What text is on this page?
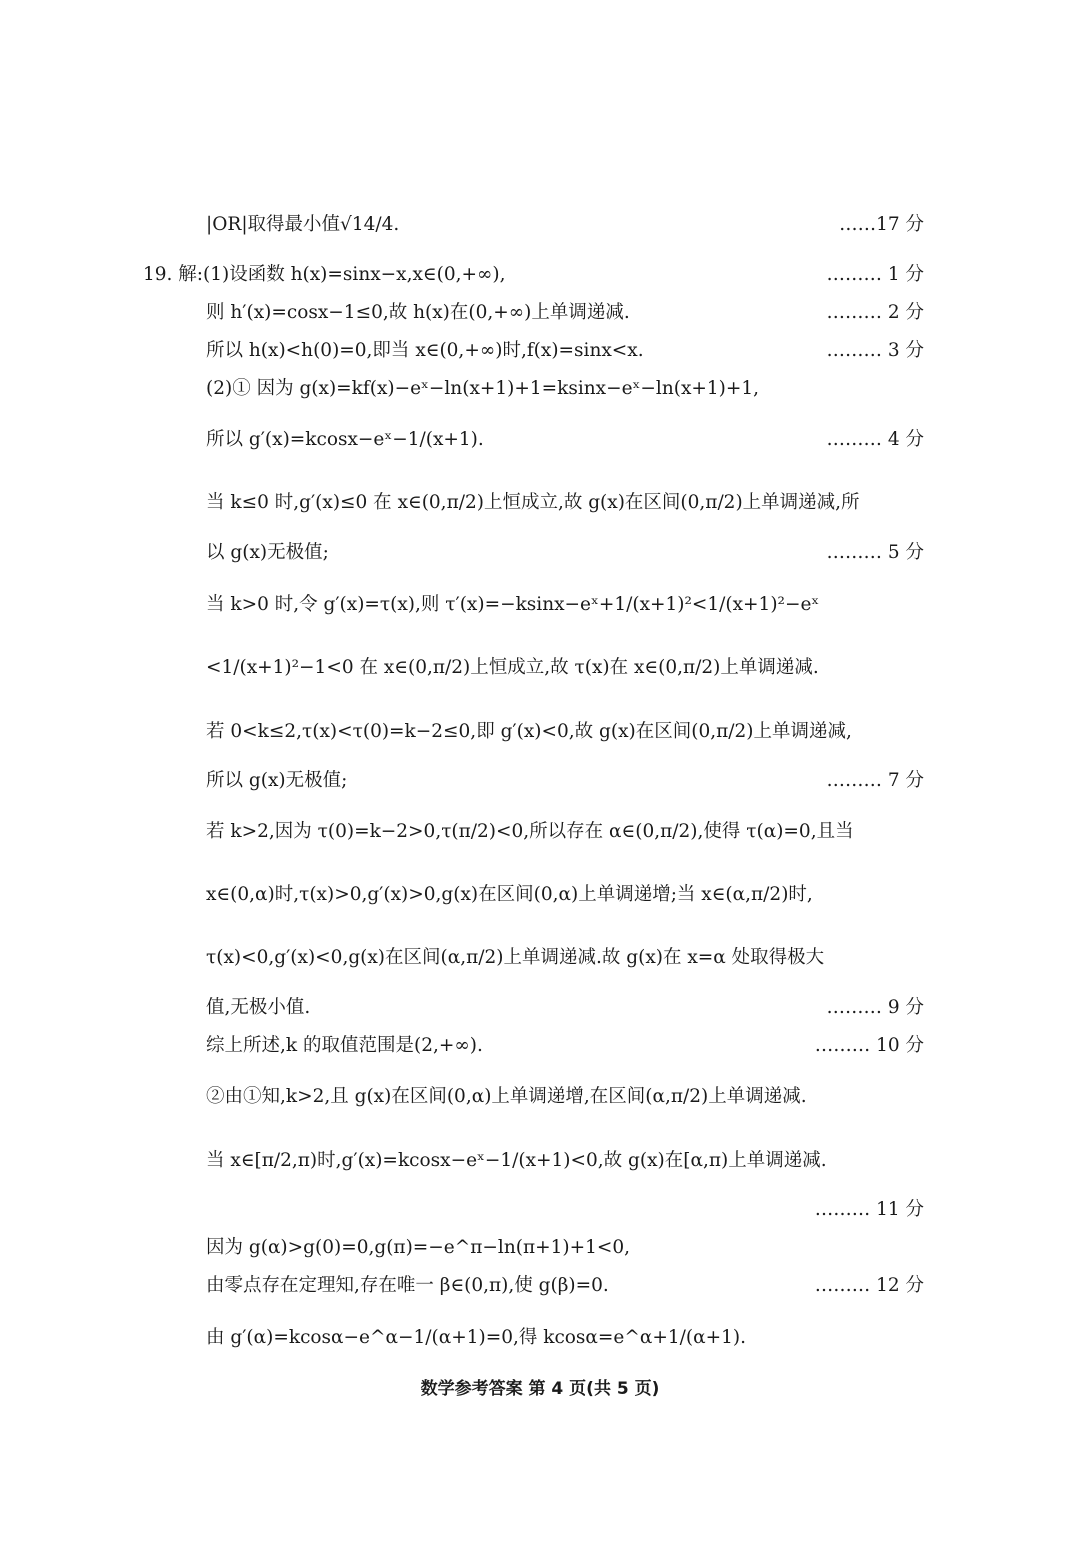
|OR|取得最小值√14/4.	……17 分
19. 解:(1)设函数 h(x)=sinx−x,x∈(0,+∞),	……… 1 分
则 h′(x)=cosx−1≤0,故 h(x)在(0,+∞)上单调递减.	……… 2 分
所以 h(x)<h(0)=0,即当 x∈(0,+∞)时,f(x)=sinx<x.	……… 3 分
(2)① 因为 g(x)=kf(x)−eˣ−ln(x+1)+1=ksinx−eˣ−ln(x+1)+1,
所以 g′(x)=kcosx−eˣ−1/(x+1).	……… 4 分
当 k≤0 时,g′(x)≤0 在 x∈(0,π/2)上恒成立,故 g(x)在区间(0,π/2)上单调递减,所
以 g(x)无极值;	……… 5 分
当 k>0 时,令 g′(x)=τ(x),则 τ′(x)=−ksinx−eˣ+1/(x+1)²<1/(x+1)²−eˣ
<1/(x+1)²−1<0 在 x∈(0,π/2)上恒成立,故 τ(x)在 x∈(0,π/2)上单调递减.
若 0<k≤2,τ(x)<τ(0)=k−2≤0,即 g′(x)<0,故 g(x)在区间(0,π/2)上单调递减,
所以 g(x)无极值;	……… 7 分
若 k>2,因为 τ(0)=k−2>0,τ(π/2)<0,所以存在 α∈(0,π/2),使得 τ(α)=0,且当
x∈(0,α)时,τ(x)>0,g′(x)>0,g(x)在区间(0,α)上单调递增;当 x∈(α,π/2)时,
τ(x)<0,g′(x)<0,g(x)在区间(α,π/2)上单调递减.故 g(x)在 x=α 处取得极大
值,无极小值.	……… 9 分
综上所述,k 的取值范围是(2,+∞).	……… 10 分
②由①知,k>2,且 g(x)在区间(0,α)上单调递增,在区间(α,π/2)上单调递减.
当 x∈[π/2,π)时,g′(x)=kcosx−eˣ−1/(x+1)<0,故 g(x)在[α,π)上单调递减.
……… 11 分
因为 g(α)>g(0)=0,g(π)=−e^π−ln(π+1)+1<0,
由零点存在定理知,存在唯一 β∈(0,π),使 g(β)=0.	……… 12 分
由 g′(α)=kcosα−e^α−1/(α+1)=0,得 kcosα=e^α+1/(α+1).
数学参考答案 第 4 页(共 5 页)
